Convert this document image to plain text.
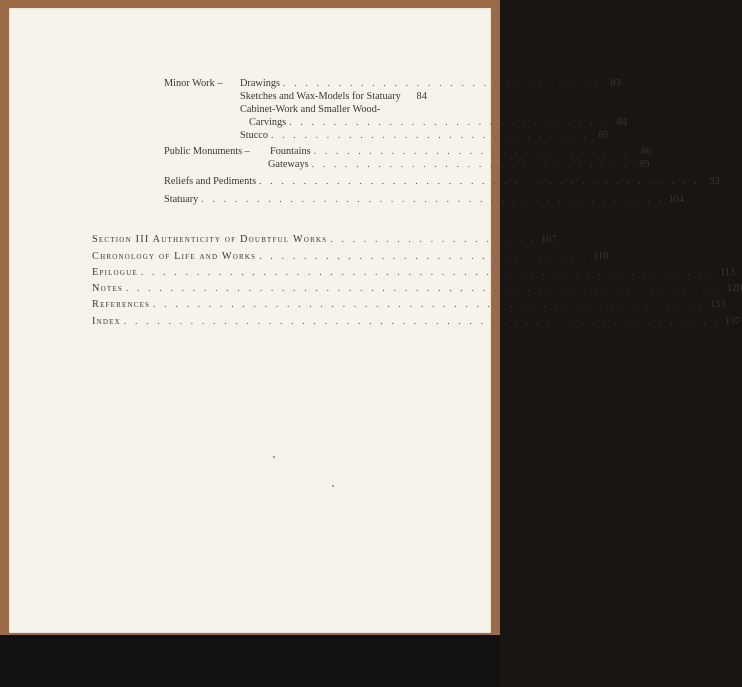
Minor Work – Drawings . . . . . . . . . . . . . . . . . . . . . . . . . . . . . 83
Sketches and Wax-Models for Statuary	84
Cabinet-Work and Smaller Wood-
Carvings . . . . . . . . . . . . . . . . . . . . . . . . . . . . . 84
Stucco . . . . . . . . . . . . . . . . . . . . . . . . . . . . . 85
Public Monuments – Fountains . . . . . . . . . . . . . . . . . . . . . . . . . . . . . 86
Gateways . . . . . . . . . . . . . . . . . . . . . . . . . . . . . 89
Reliefs and Pediments . . . . . . . . . . . . . . . . . . . . . . . . . . . . . . . . . . . . . . . . 93
Statuary . . . . . . . . . . . . . . . . . . . . . . . . . . . . . . . . . . . . . . . . . . 104
Section III Authenticity of Doubtful Works . . . . . . . . . . . . . . . . . . . 107
Chronology of Life and Works . . . . . . . . . . . . . . . . . . . . . . . . . . . . . . 110
Epilogue . . . . . . . . . . . . . . . . . . . . . . . . . . . . . . . . . . . . . . . . . . . . . . . . . . . . 113
Notes . . . . . . . . . . . . . . . . . . . . . . . . . . . . . . . . . . . . . . . . . . . . . . . . . . . . . . 120
References . . . . . . . . . . . . . . . . . . . . . . . . . . . . . . . . . . . . . . . . . . . . . . . . . . 133
Index . . . . . . . . . . . . . . . . . . . . . . . . . . . . . . . . . . . . . . . . . . . . . . . . . . . . . . 137
